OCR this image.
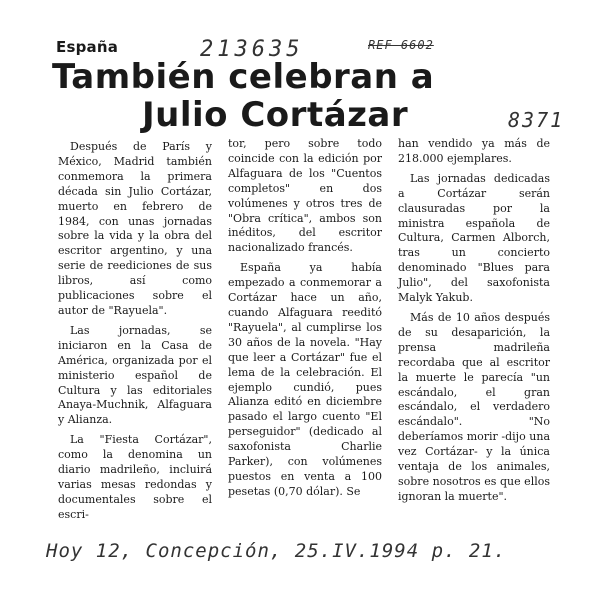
España	213635	REF 6602
8371
También celebran a
Julio Cortázar

Después de París y México, Madrid también conmemora la primera década sin Julio Cortázar, muerto en febrero de 1984, con unas jornadas sobre la vida y la obra del escritor argentino, y una serie de reediciones de sus libros, así como publicaciones sobre el autor de "Rayuela".

Las jornadas, se iniciaron en la Casa de América, organizada por el ministerio español de Cultura y las editoriales Anaya-Muchnik, Alfaguara y Alianza.

La "Fiesta Cortázar", como la denomina un diario madrileño, incluirá varias mesas redondas y documentales sobre el escri-

tor, pero sobre todo coincide con la edición por Alfaguara de los "Cuentos completos" en dos volúmenes y otros tres de "Obra crítica", ambos son inéditos, del escritor nacionalizado francés.

España ya había empezado a conmemorar a Cortázar hace un año, cuando Alfaguara reeditó "Rayuela", al cumplirse los 30 años de la novela. "Hay que leer a Cortázar" fue el lema de la celebración. El ejemplo cundió, pues Alianza editó en diciembre pasado el largo cuento "El perseguidor" (dedicado al saxofonista Charlie Parker), con volúmenes puestos en venta a 100 pesetas (0,70 dólar). Se

han vendido ya más de 218.000 ejemplares.

Las jornadas dedicadas a Cortázar serán clausuradas por la ministra española de Cultura, Carmen Alborch, tras un concierto denominado "Blues para Julio", del saxofonista Malyk Yakub.

Más de 10 años después de su desaparición, la prensa madrileña recordaba que al escritor la muerte le parecía "un escándalo, el gran escándalo, el verdadero escándalo". "No deberíamos morir -dijo una vez Cortázar- y la única ventaja de los animales, sobre nosotros es que ellos ignoran la muerte".

Hoy 12, Concepción, 25.IV.1994 p. 21.
